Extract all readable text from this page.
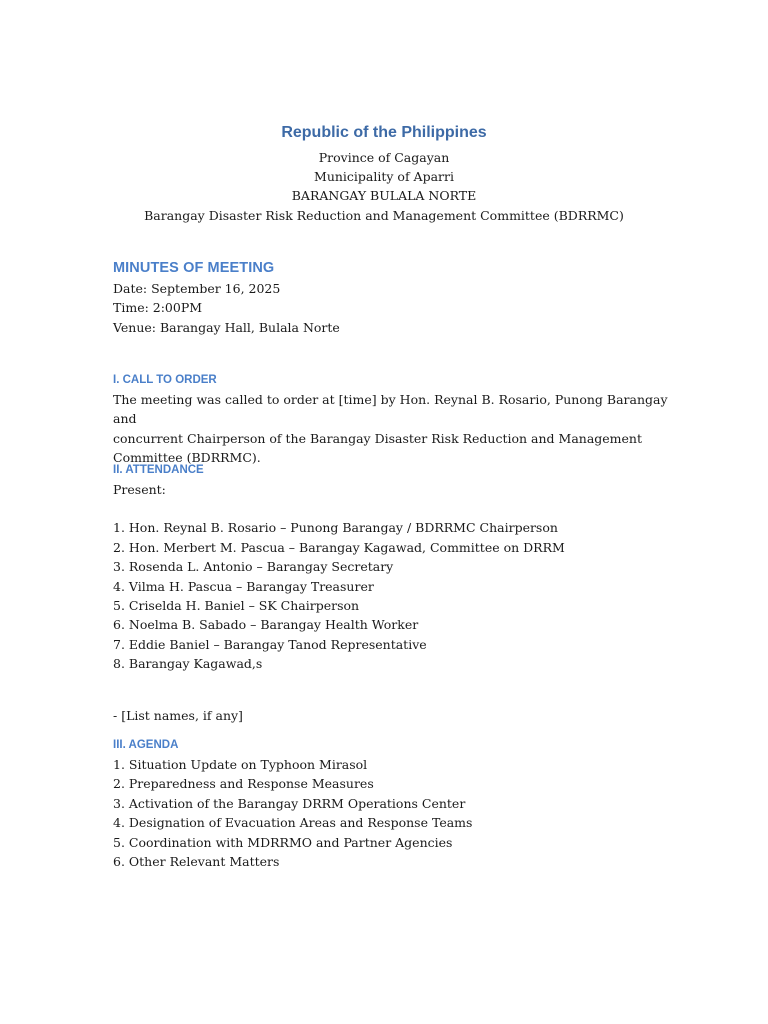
Republic of the Philippines

Province of Cagayan

Municipality of Aparri

BARANGAY BULALA NORTE

Barangay Disaster Risk Reduction and Management Committee (BDRRMC)

MINUTES OF MEETING

Date: September 16, 2025

Time: 2:00PM

Venue: Barangay Hall, Bulala Norte

I. CALL TO ORDER

The meeting was called to order at [time] by Hon. Reynal B. Rosario, Punong Barangay and

concurrent Chairperson of the Barangay Disaster Risk Reduction and Management

Committee (BDRRMC).

II. ATTENDANCE

Present:

1. Hon. Reynal B. Rosario – Punong Barangay / BDRRMC Chairperson
2. Hon. Merbert M. Pascua – Barangay Kagawad, Committee on DRRM
3. Rosenda L. Antonio – Barangay Secretary
4. Vilma H. Pascua – Barangay Treasurer
5. Criselda H. Baniel – SK Chairperson
6. Noelma B. Sabado – Barangay Health Worker
7. Eddie Baniel – Barangay Tanod Representative
8. Barangay Kagawad,s

- [List names, if any]

III. AGENDA
1. Situation Update on Typhoon Mirasol
2. Preparedness and Response Measures
3. Activation of the Barangay DRRM Operations Center
4. Designation of Evacuation Areas and Response Teams
5. Coordination with MDRRMO and Partner Agencies
6. Other Relevant Matters
